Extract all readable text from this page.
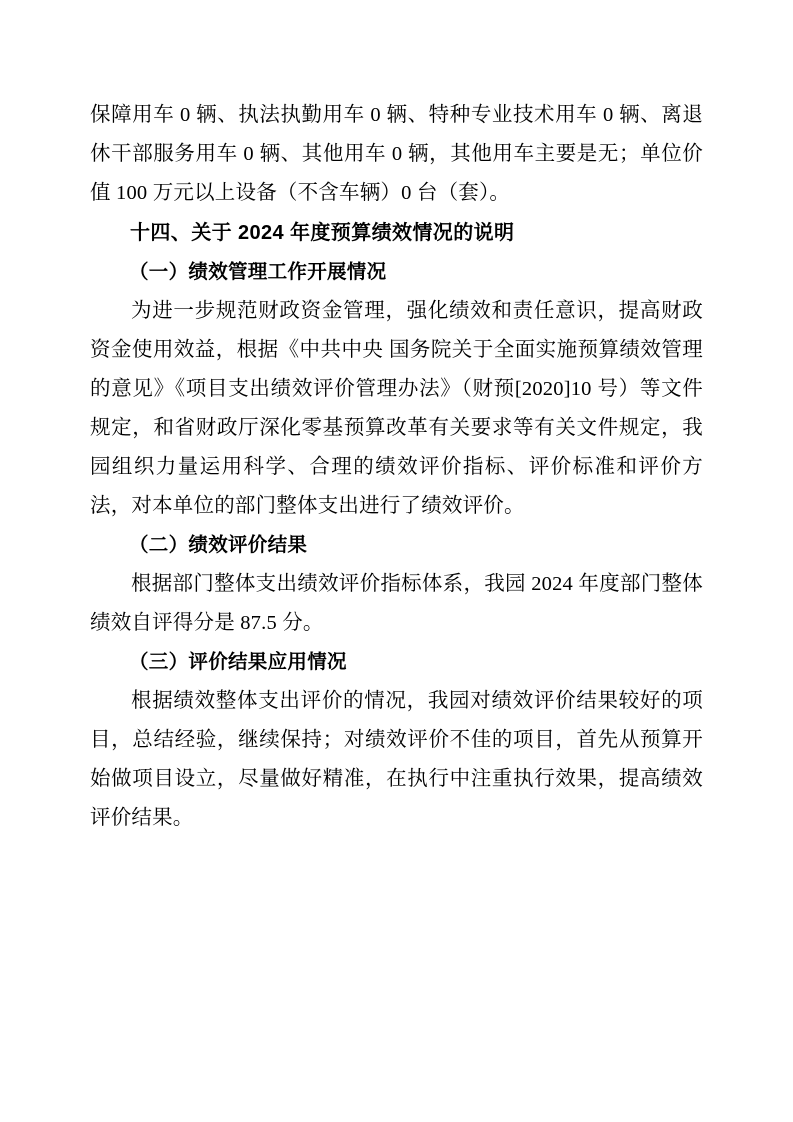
保障用车 0 辆、执法执勤用车 0 辆、特种专业技术用车 0 辆、离退休干部服务用车 0 辆、其他用车 0 辆，其他用车主要是无；单位价值 100 万元以上设备（不含车辆）0 台（套）。

十四、关于 2024 年度预算绩效情况的说明

（一）绩效管理工作开展情况

为进一步规范财政资金管理，强化绩效和责任意识，提高财政资金使用效益，根据《中共中央 国务院关于全面实施预算绩效管理的意见》《项目支出绩效评价管理办法》（财预[2020]10 号）等文件规定，和省财政厅深化零基预算改革有关要求等有关文件规定，我园组织力量运用科学、合理的绩效评价指标、评价标准和评价方法，对本单位的部门整体支出进行了绩效评价。

（二）绩效评价结果

根据部门整体支出绩效评价指标体系，我园 2024 年度部门整体绩效自评得分是 87.5 分。

（三）评价结果应用情况

根据绩效整体支出评价的情况，我园对绩效评价结果较好的项目，总结经验，继续保持；对绩效评价不佳的项目，首先从预算开始做项目设立，尽量做好精准，在执行中注重执行效果，提高绩效评价结果。
